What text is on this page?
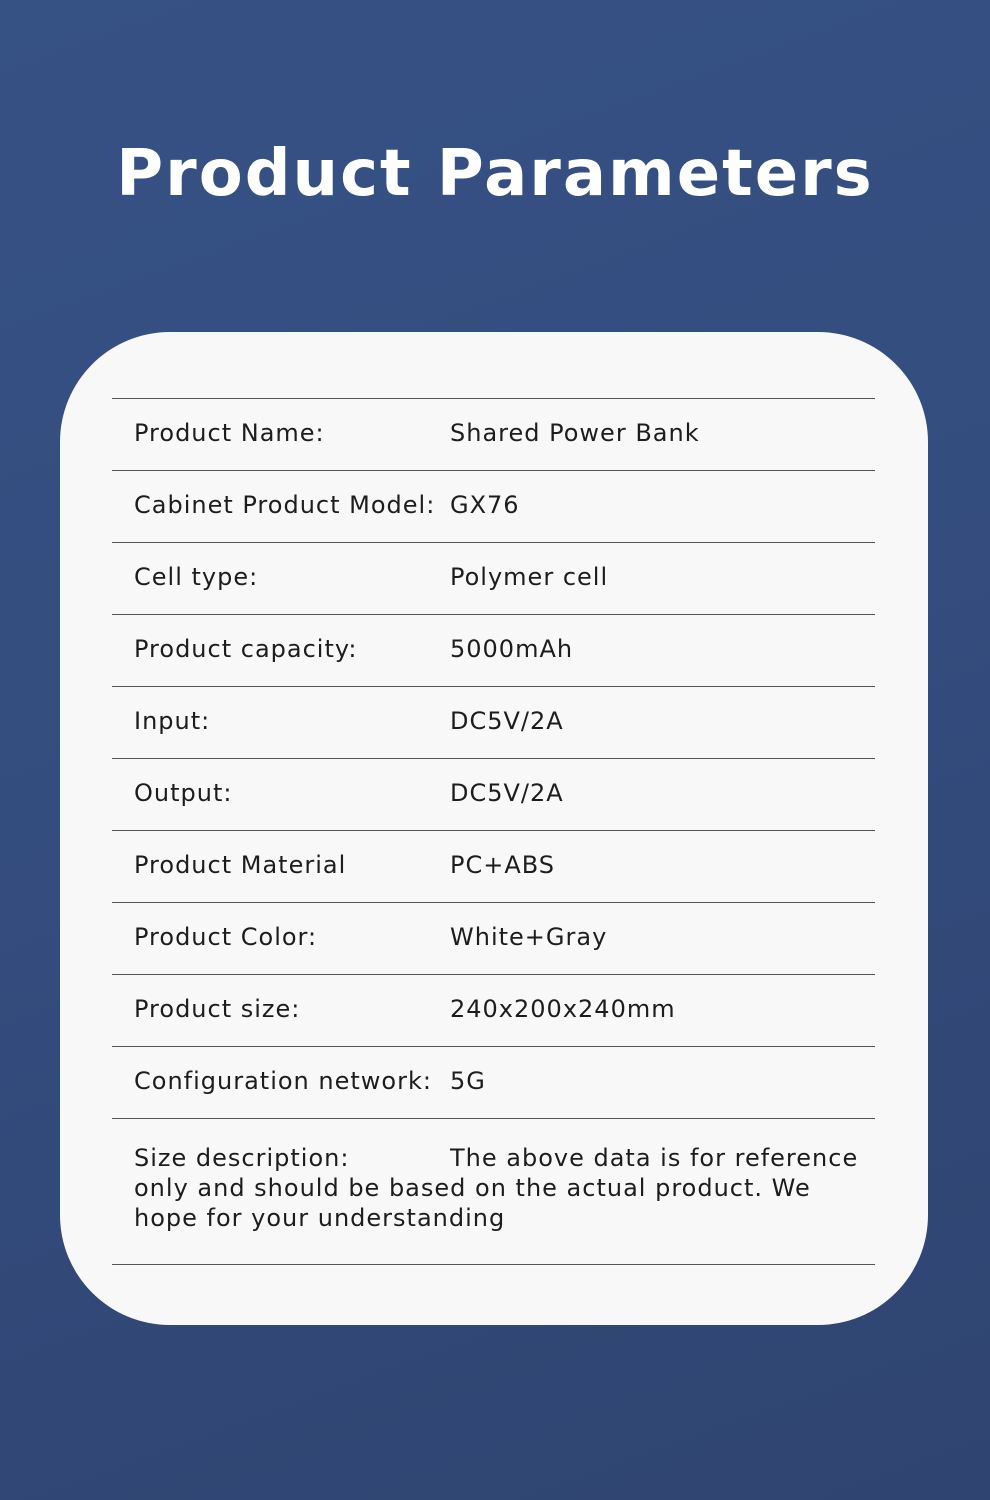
Product Parameters
Product Name:	Shared Power Bank
Cabinet Product Model: GX76
Cell type:	Polymer cell
Product capacity:	5000mAh
Input:	DC5V/2A
Output:	DC5V/2A
Product Material	PC+ABS
Product Color:	White+Gray
Product size:	240x200x240mm
Configuration network: 5G
Size description:	The above data is for reference only and should be based on the actual product. We hope for your understanding
